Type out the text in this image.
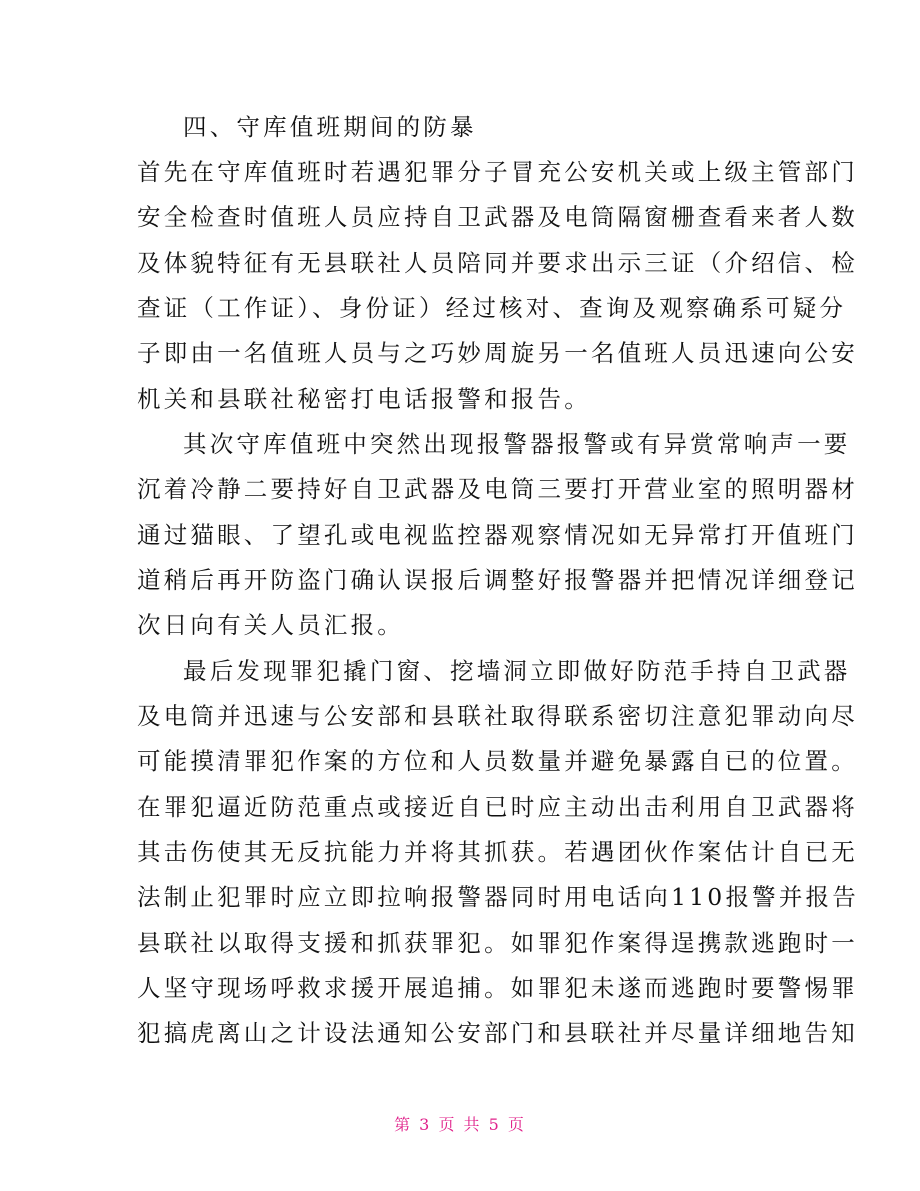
四、守库值班期间的防暴
首先在守库值班时若遇犯罪分子冒充公安机关或上级主管部门
安全检查时值班人员应持自卫武器及电筒隔窗栅查看来者人数
及体貌特征有无县联社人员陪同并要求出示三证（介绍信、检
查证（工作证）、身份证）经过核对、查询及观察确系可疑分
子即由一名值班人员与之巧妙周旋另一名值班人员迅速向公安
机关和县联社秘密打电话报警和报告。
其次守库值班中突然出现报警器报警或有异赏常响声一要
沉着冷静二要持好自卫武器及电筒三要打开营业室的照明器材
通过猫眼、了望孔或电视监控器观察情况如无异常打开值班门
道稍后再开防盗门确认误报后调整好报警器并把情况详细登记
次日向有关人员汇报。
最后发现罪犯撬门窗、挖墙洞立即做好防范手持自卫武器
及电筒并迅速与公安部和县联社取得联系密切注意犯罪动向尽
可能摸清罪犯作案的方位和人员数量并避免暴露自已的位置。
在罪犯逼近防范重点或接近自已时应主动出击利用自卫武器将
其击伤使其无反抗能力并将其抓获。若遇团伙作案估计自已无
法制止犯罪时应立即拉响报警器同时用电话向110报警并报告
县联社以取得支援和抓获罪犯。如罪犯作案得逞携款逃跑时一
人坚守现场呼救求援开展追捕。如罪犯未遂而逃跑时要警惕罪
犯搞虎离山之计设法通知公安部门和县联社并尽量详细地告知
第 3 页 共 5 页
